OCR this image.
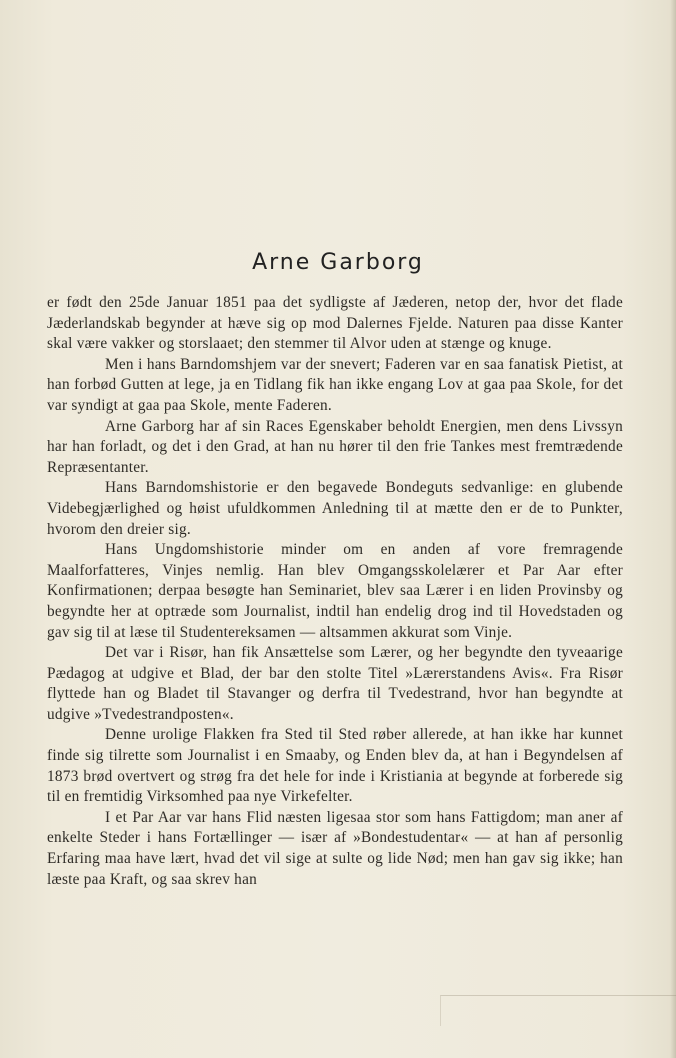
Arne Garborg

er født den 25de Januar 1851 paa det sydligste af Jæderen, netop der, hvor det flade Jæderlandskab begynder at hæve sig op mod Dalernes Fjelde. Naturen paa disse Kanter skal være vakker og storslaaet; den stemmer til Alvor uden at stænge og knuge.

Men i hans Barndomshjem var der snevert; Faderen var en saa fanatisk Pietist, at han forbød Gutten at lege, ja en Tidlang fik han ikke engang Lov at gaa paa Skole, for det var syndigt at gaa paa Skole, mente Faderen.

Arne Garborg har af sin Races Egenskaber beholdt Energien, men dens Livssyn har han forladt, og det i den Grad, at han nu hører til den frie Tankes mest fremtrædende Repræsentanter.

Hans Barndomshistorie er den begavede Bondeguts sedvanlige: en glubende Videbegjærlighed og høist ufuldkommen Anledning til at mætte den er de to Punkter, hvorom den dreier sig.

Hans Ungdomshistorie minder om en anden af vore fremragende Maalforfatteres, Vinjes nemlig. Han blev Omgangsskolelærer et Par Aar efter Konfirmationen; derpaa besøgte han Seminariet, blev saa Lærer i en liden Provinsby og begyndte her at optræde som Journalist, indtil han endelig drog ind til Hovedstaden og gav sig til at læse til Studentereksamen — altsammen akkurat som Vinje.

Det var i Risør, han fik Ansættelse som Lærer, og her begyndte den tyveaarige Pædagog at udgive et Blad, der bar den stolte Titel »Lærerstandens Avis«. Fra Risør flyttede han og Bladet til Stavanger og derfra til Tvedestrand, hvor han begyndte at udgive »Tvedestrandposten«.

Denne urolige Flakken fra Sted til Sted røber allerede, at han ikke har kunnet finde sig tilrette som Journalist i en Smaaby, og Enden blev da, at han i Begyndelsen af 1873 brød overtvert og strøg fra det hele for inde i Kristiania at begynde at forberede sig til en fremtidig Virksomhed paa nye Virkefelter.

I et Par Aar var hans Flid næsten ligesaa stor som hans Fattigdom; man aner af enkelte Steder i hans Fortællinger — især af »Bondestudentar« — at han af personlig Erfaring maa have lært, hvad det vil sige at sulte og lide Nød; men han gav sig ikke; han læste paa Kraft, og saa skrev han
